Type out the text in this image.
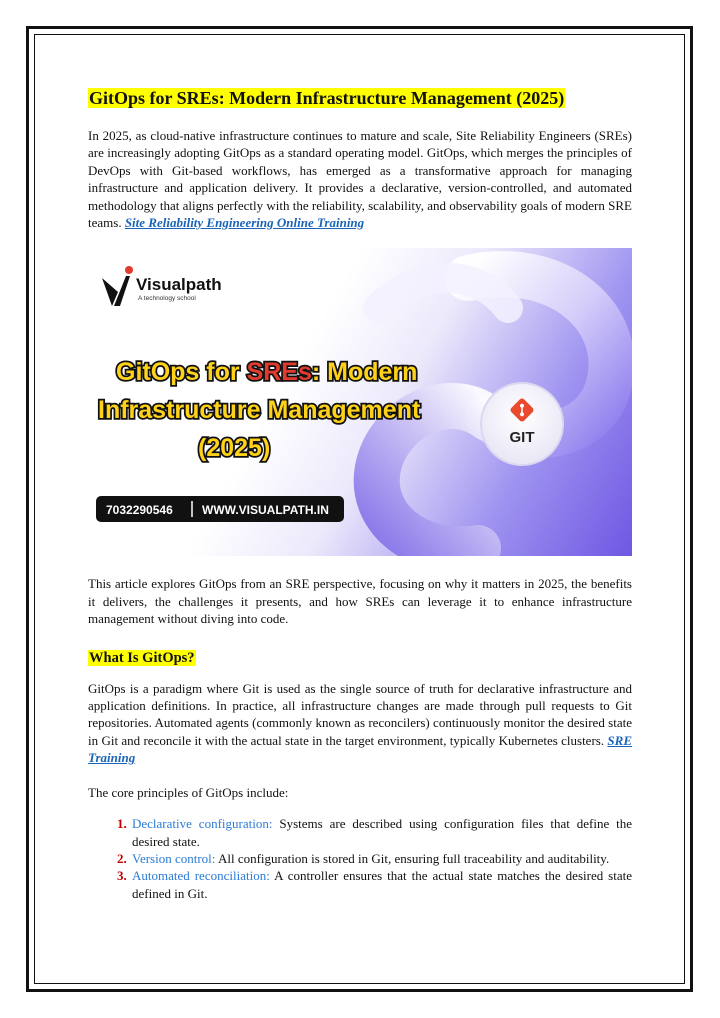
GitOps for SREs: Modern Infrastructure Management (2025)

In 2025, as cloud-native infrastructure continues to mature and scale, Site Reliability Engineers (SREs) are increasingly adopting GitOps as a standard operating model. GitOps, which merges the principles of DevOps with Git-based workflows, has emerged as a transformative approach for managing infrastructure and application delivery. It provides a declarative, version-controlled, and automated methodology that aligns perfectly with the reliability, scalability, and observability goals of modern SRE teams. Site Reliability Engineering Online Training

GIT
Visualpath
A technology school
GitOps for SREs: Modern
Infrastructure Management
(2025)
7032290546 WWW.VISUALPATH.IN

This article explores GitOps from an SRE perspective, focusing on why it matters in 2025, the benefits it delivers, the challenges it presents, and how SREs can leverage it to enhance infrastructure management without diving into code.

What Is GitOps?

GitOps is a paradigm where Git is used as the single source of truth for declarative infrastructure and application definitions. In practice, all infrastructure changes are made through pull requests to Git repositories. Automated agents (commonly known as reconcilers) continuously monitor the desired state in Git and reconcile it with the actual state in the target environment, typically Kubernetes clusters. SRE Training

The core principles of GitOps include:

1. Declarative configuration: Systems are described using configuration files that define the desired state.
2. Version control: All configuration is stored in Git, ensuring full traceability and auditability.
3. Automated reconciliation: A controller ensures that the actual state matches the desired state defined in Git.
